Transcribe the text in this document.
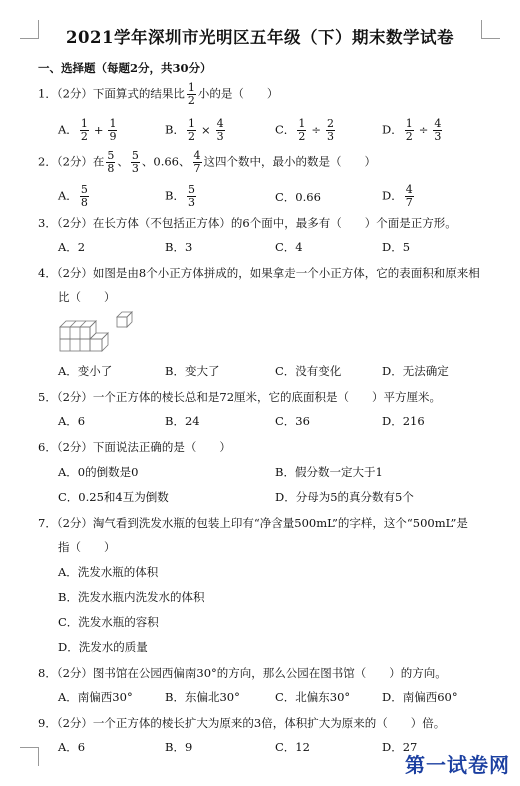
2021学年深圳市光明区五年级（下）期末数学试卷
一、选择题（每题2分，共30分）
1．（2分）下面算式的结果比 $\frac{1}{2}$ 小的是（　　）
A． $\frac{1}{2} + \frac{1}{9}$	B． $\frac{1}{2} \times \frac{4}{3}$	C． $\frac{1}{2} \div \frac{2}{3}$	D． $\frac{1}{2} \div \frac{4}{3}$
2．（2分）在 $\frac{5}{8}$ 、 $\frac{5}{3}$ 、0.66、 $\frac{4}{7}$ 这四个数中，最小的数是（　　）
A． $\frac{5}{8}$	B． $\frac{5}{3}$	C．0.66	D． $\frac{4}{7}$
3．（2分）在长方体（不包括正方体）的6个面中，最多有（　　）个面是正方形。
A．2	B．3	C．4	D．5
4．（2分）如图是由8个小正方体拼成的，如果拿走一个小正方体，它的表面积和原来相
比（　　）
A．变小了	B．变大了	C．没有变化	D．无法确定
5．（2分）一个正方体的棱长总和是72厘米，它的底面积是（　　）平方厘米。
A．6	B．24	C．36	D．216
6．（2分）下面说法正确的是（　　）
A．0的倒数是0	B．假分数一定大于1
C．0.25和4互为倒数	D．分母为5的真分数有5个
7．（2分）淘气看到洗发水瓶的包装上印有“净含量500mL”的字样，这个“500mL”是
指（　　）
A．洗发水瓶的体积
B．洗发水瓶内洗发水的体积
C．洗发水瓶的容积
D．洗发水的质量
8．（2分）图书馆在公园西偏南30°的方向，那么公园在图书馆（　　）的方向。
A．南偏西30°	B．东偏北30°	C．北偏东30°	D．南偏西60°
9．（2分）一个正方体的棱长扩大为原来的3倍，体积扩大为原来的（　　）倍。
A．6	B．9	C．12	D．27
第一试卷网
